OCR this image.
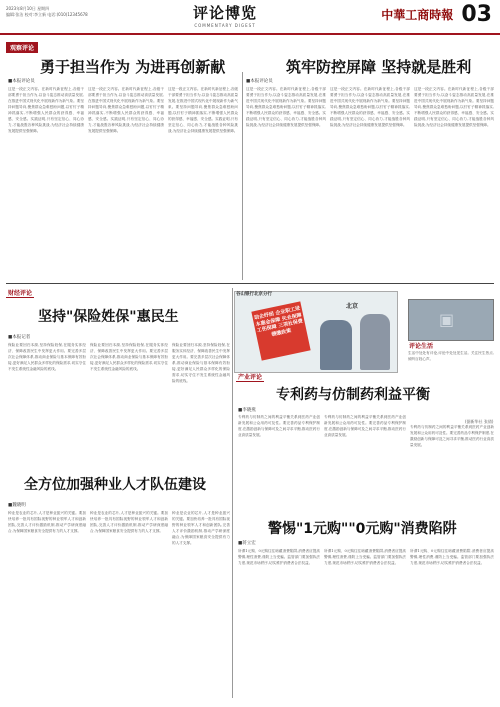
2023年8月10日 星期四
编辑:张洁 校对:李立新 电话:(010)12345678	评论博览
COMMENTARY DIGEST
中華工商時報 03
观察评论
勇于担当作为 为进再创新献	筑牢防控屏障 坚持就是胜利
■本报评论员	■本报评论员
这是一段正文内容。在新时代新征程上,各级干部要勇于担当作为,以奋斗姿态推动高质量发展,在推进中国式现代化中展现新作为新气象。要坚持问题导向,聚焦群众急难愁盼问题,以钉钉子精神抓落实,不断增强人民群众的获得感、幸福感、安全感。实践证明,只有坚定信心、同心协力,才能战胜各种风险挑战,为经济社会持续健康发展提供坚强保障。
这是一段正文内容。在新时代新征程上,各级干部要勇于担当作为,以奋斗姿态推动高质量发展,在推进中国式现代化中展现新作为新气象。要坚持问题导向,聚焦群众急难愁盼问题,以钉钉子精神抓落实,不断增强人民群众的获得感、幸福感、安全感。实践证明,只有坚定信心、同心协力,才能战胜各种风险挑战,为经济社会持续健康发展提供坚强保障。
这是一段正文内容。在新时代新征程上,各级干部要勇于担当作为,以奋斗姿态推动高质量发展,在推进中国式现代化中展现新作为新气象。要坚持问题导向,聚焦群众急难愁盼问题,以钉钉子精神抓落实,不断增强人民群众的获得感、幸福感、安全感。实践证明,只有坚定信心、同心协力,才能战胜各种风险挑战,为经济社会持续健康发展提供坚强保障。
这是一段正文内容。在新时代新征程上,各级干部要勇于担当作为,以奋斗姿态推动高质量发展,在推进中国式现代化中展现新作为新气象。要坚持问题导向,聚焦群众急难愁盼问题,以钉钉子精神抓落实,不断增强人民群众的获得感、幸福感、安全感。实践证明,只有坚定信心、同心协力,才能战胜各种风险挑战,为经济社会持续健康发展提供坚强保障。
这是一段正文内容。在新时代新征程上,各级干部要勇于担当作为,以奋斗姿态推动高质量发展,在推进中国式现代化中展现新作为新气象。要坚持问题导向,聚焦群众急难愁盼问题,以钉钉子精神抓落实,不断增强人民群众的获得感、幸福感、安全感。实践证明,只有坚定信心、同心协力,才能战胜各种风险挑战,为经济社会持续健康发展提供坚强保障。
这是一段正文内容。在新时代新征程上,各级干部要勇于担当作为,以奋斗姿态推动高质量发展,在推进中国式现代化中展现新作为新气象。要坚持问题导向,聚焦群众急难愁盼问题,以钉钉子精神抓落实,不断增强人民群众的获得感、幸福感、安全感。实践证明,只有坚定信心、同心协力,才能战胜各种风险挑战,为经济社会持续健康发展提供坚强保障。
财经评论
坚持"保险姓保"惠民生
■本报记者
保险业要回归本源,坚持保险姓保,在服务实体经济、保障改善民生中发挥更大作用。要完善多层次社会保障体系,推动商业保险与基本保障有效衔接,更好满足人民群众多样化的保险需求,切实守住不发生系统性金融风险的底线。
保险业要回归本源,坚持保险姓保,在服务实体经济、保障改善民生中发挥更大作用。要完善多层次社会保障体系,推动商业保险与基本保障有效衔接,更好满足人民群众多样化的保险需求,切实守住不发生系统性金融风险的底线。
保险业要回归本源,坚持保险姓保,在服务实体经济、保障改善民生中发挥更大作用。要完善多层次社会保障体系,推动商业保险与基本保障有效衔接,更好满足人民群众多样化的保险需求,切实守住不发生系统性金融风险的底线。
全方位加强种业人才队伍建设
■魏晓明
种业是农业的芯片,人才是种业振兴的关键。要加快培养一批具有国际视野的种业领军人才和创新团队,完善人才评价激励机制,推动产学研深度融合,为保障国家粮食安全提供有力的人才支撑。
种业是农业的芯片,人才是种业振兴的关键。要加快培养一批具有国际视野的种业领军人才和创新团队,完善人才评价激励机制,推动产学研深度融合,为保障国家粮食安全提供有力的人才支撑。
种业是农业的芯片,人才是种业振兴的关键。要加快培养一批具有国际视野的种业领军人才和创新团队,完善人才评价激励机制,推动产学研深度融合,为保障国家粮食安全提供有力的人才支撑。
谷山银行北京分行
助企纾困 企业职工进本惠金保障 失业保障 工伤保障 三项社保费缓缴政策
北京
▣
评论生活
生活中处处有评论,评论中处处见生活。关注民生热点,倾听百姓心声。
(据新华社 张倩)
产业评论
专利药与仿制药利益平衡
■李晓燕
专利药与仿制药之间的利益平衡关系到医药产业创新发展和公众用药可及性。要完善药品专利保护制度,在激励创新与保障可及之间寻求平衡,推动医药行业高质量发展。
专利药与仿制药之间的利益平衡关系到医药产业创新发展和公众用药可及性。要完善药品专利保护制度,在激励创新与保障可及之间寻求平衡,推动医药行业高质量发展。
专利药与仿制药之间的利益平衡关系到医药产业创新发展和公众用药可及性。要完善药品专利保护制度,在激励创新与保障可及之间寻求平衡,推动医药行业高质量发展。
警惕"1元购""0元购"消费陷阱
■蒋立宏
所谓1元购、0元购往往暗藏消费陷阱,消费者应提高警惕,理性消费,谨防上当受骗。监管部门要加强执法力度,规范市场秩序,切实维护消费者合法权益。
所谓1元购、0元购往往暗藏消费陷阱,消费者应提高警惕,理性消费,谨防上当受骗。监管部门要加强执法力度,规范市场秩序,切实维护消费者合法权益。
所谓1元购、0元购往往暗藏消费陷阱,消费者应提高警惕,理性消费,谨防上当受骗。监管部门要加强执法力度,规范市场秩序,切实维护消费者合法权益。
